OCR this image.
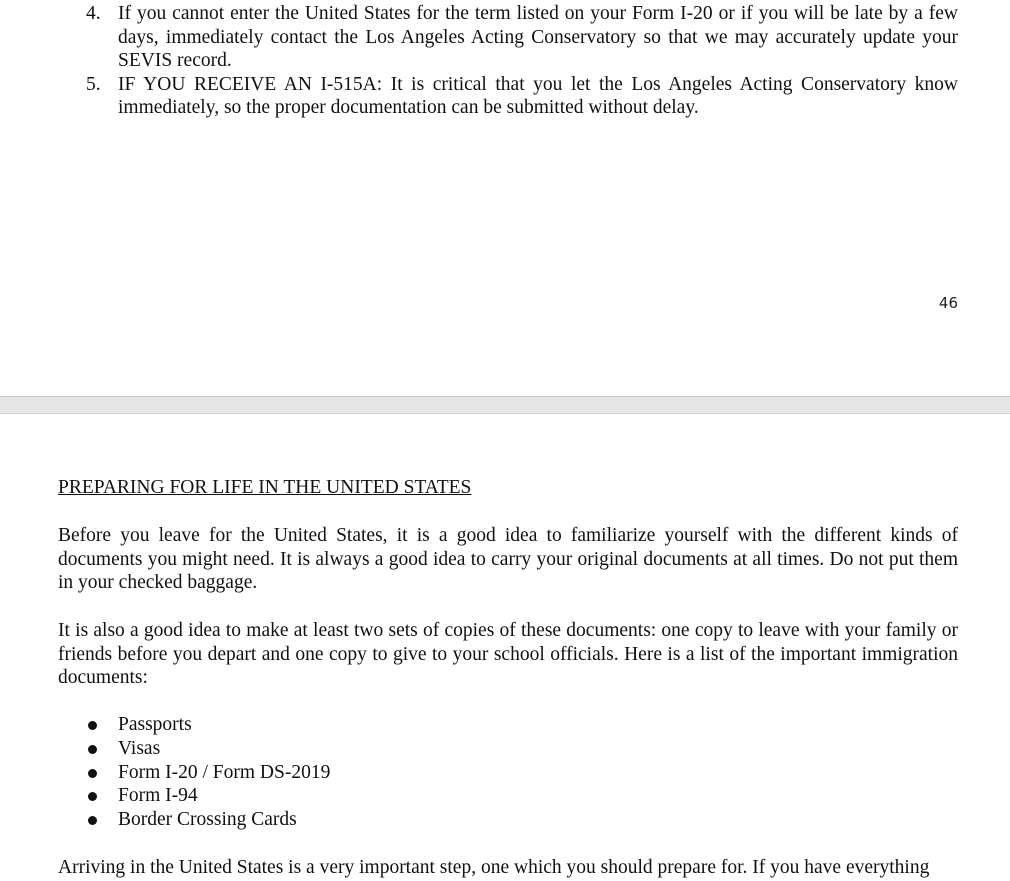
4. If you cannot enter the United States for the term listed on your Form I-20 or if you will be late by a few days, immediately contact the Los Angeles Acting Conservatory so that we may accurately update your SEVIS record.
5. IF YOU RECEIVE AN I-515A: It is critical that you let the Los Angeles Acting Conservatory know immediately, so the proper documentation can be submitted without delay.
46
PREPARING FOR LIFE IN THE UNITED STATES

Before you leave for the United States, it is a good idea to familiarize yourself with the different kinds of documents you might need. It is always a good idea to carry your original documents at all times. Do not put them in your checked baggage.

It is also a good idea to make at least two sets of copies of these documents: one copy to leave with your family or friends before you depart and one copy to give to your school officials. Here is a list of the important immigration documents:

Passports
Visas
Form I-20 / Form DS-2019
Form I-94
Border Crossing Cards

Arriving in the United States is a very important step, one which you should prepare for. If you have everything
